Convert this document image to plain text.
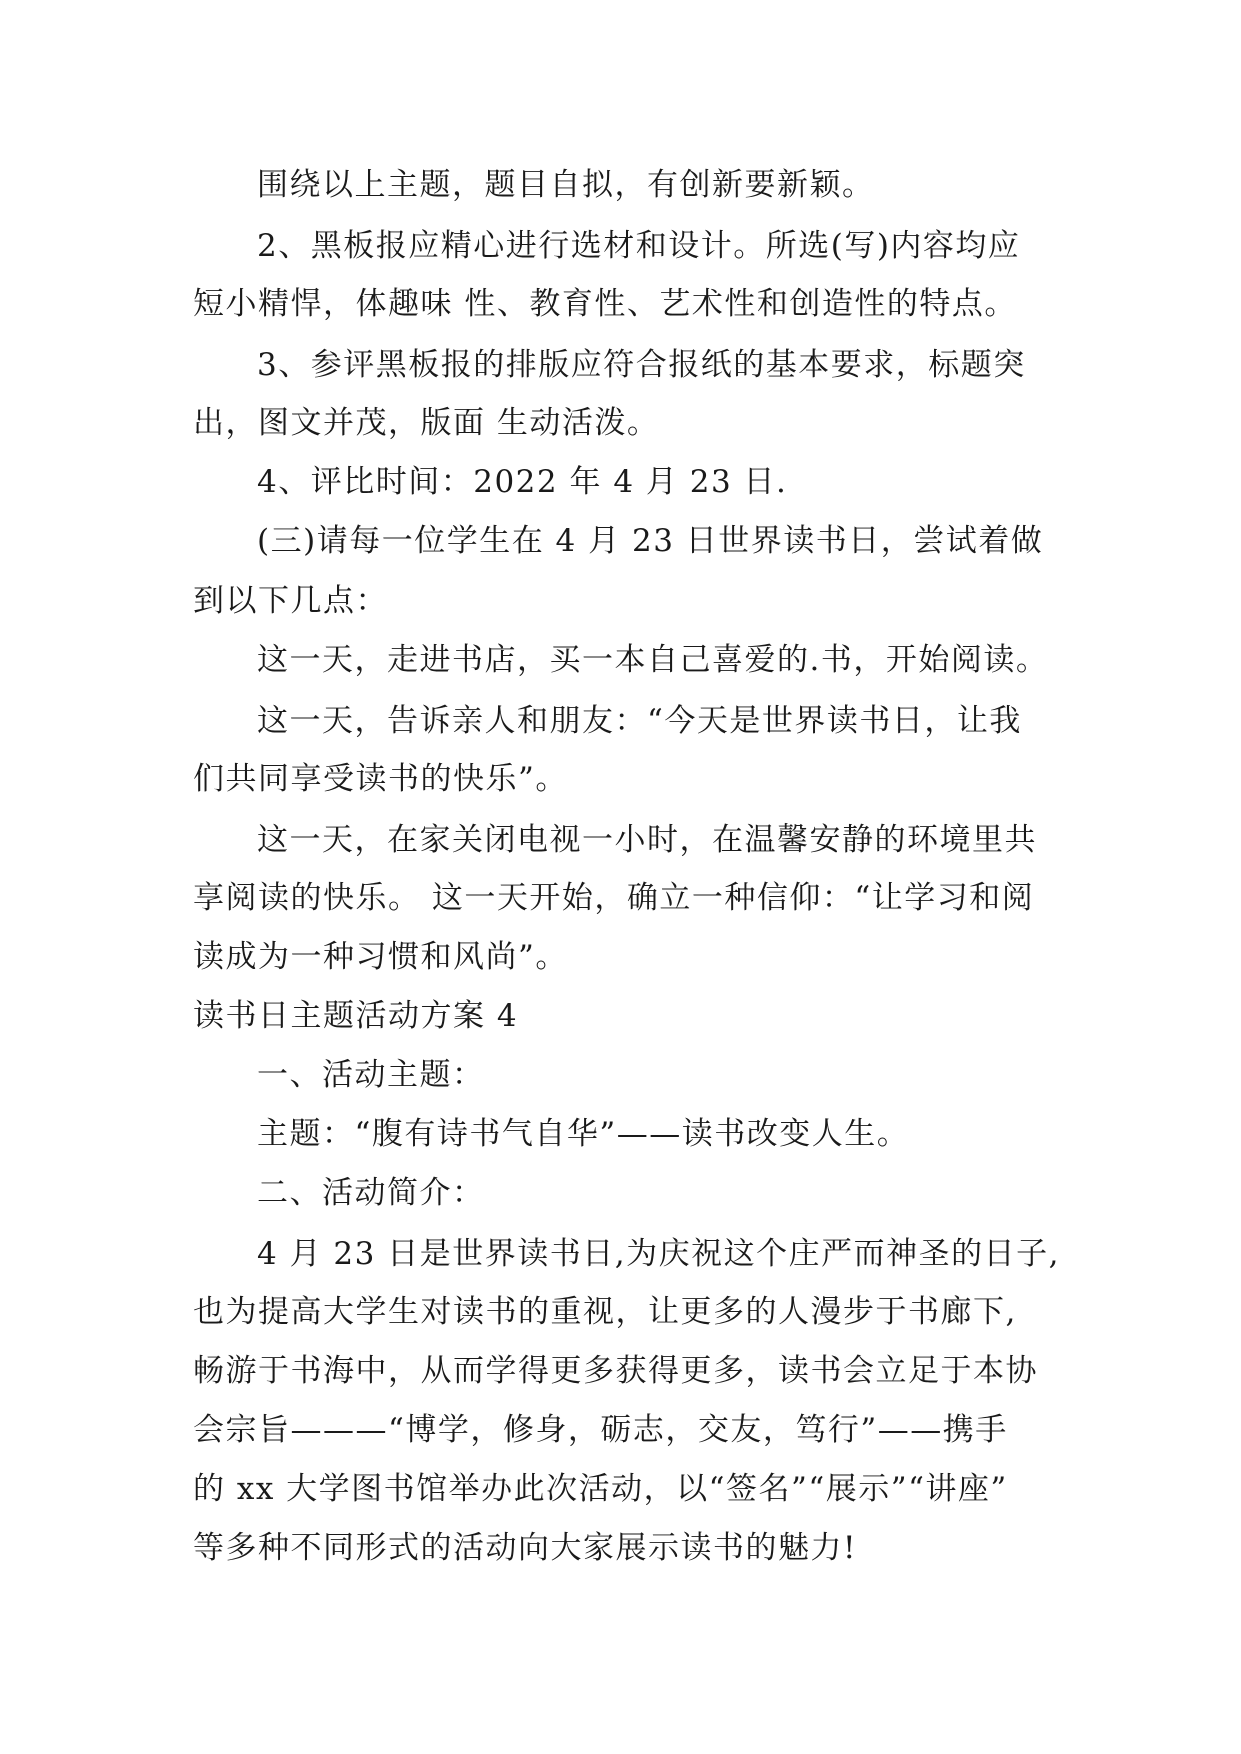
围绕以上主题，题目自拟，有创新要新颖。

2、黑板报应精心进行选材和设计。所选(写)内容均应

短小精悍，体趣味 性、教育性、艺术性和创造性的特点。

3、参评黑板报的排版应符合报纸的基本要求，标题突

出，图文并茂，版面 生动活泼。

4、评比时间：2022 年 4 月 23 日.

(三)请每一位学生在 4 月 23 日世界读书日，尝试着做

到以下几点：

这一天，走进书店，买一本自己喜爱的.书，开始阅读。

这一天，告诉亲人和朋友：“今天是世界读书日，让我

们共同享受读书的快乐”。

这一天，在家关闭电视一小时，在温馨安静的环境里共

享阅读的快乐。 这一天开始，确立一种信仰：“让学习和阅

读成为一种习惯和风尚”。

读书日主题活动方案 4

一、活动主题：

主题：“腹有诗书气自华”——读书改变人生。

二、活动简介：

4 月 23 日是世界读书日,为庆祝这个庄严而神圣的日子,

也为提高大学生对读书的重视，让更多的人漫步于书廊下,

畅游于书海中，从而学得更多获得更多，读书会立足于本协

会宗旨———“博学，修身，砺志，交友，笃行”——携手

的 xx 大学图书馆举办此次活动，以“签名”“展示”“讲座”

等多种不同形式的活动向大家展示读书的魅力!
